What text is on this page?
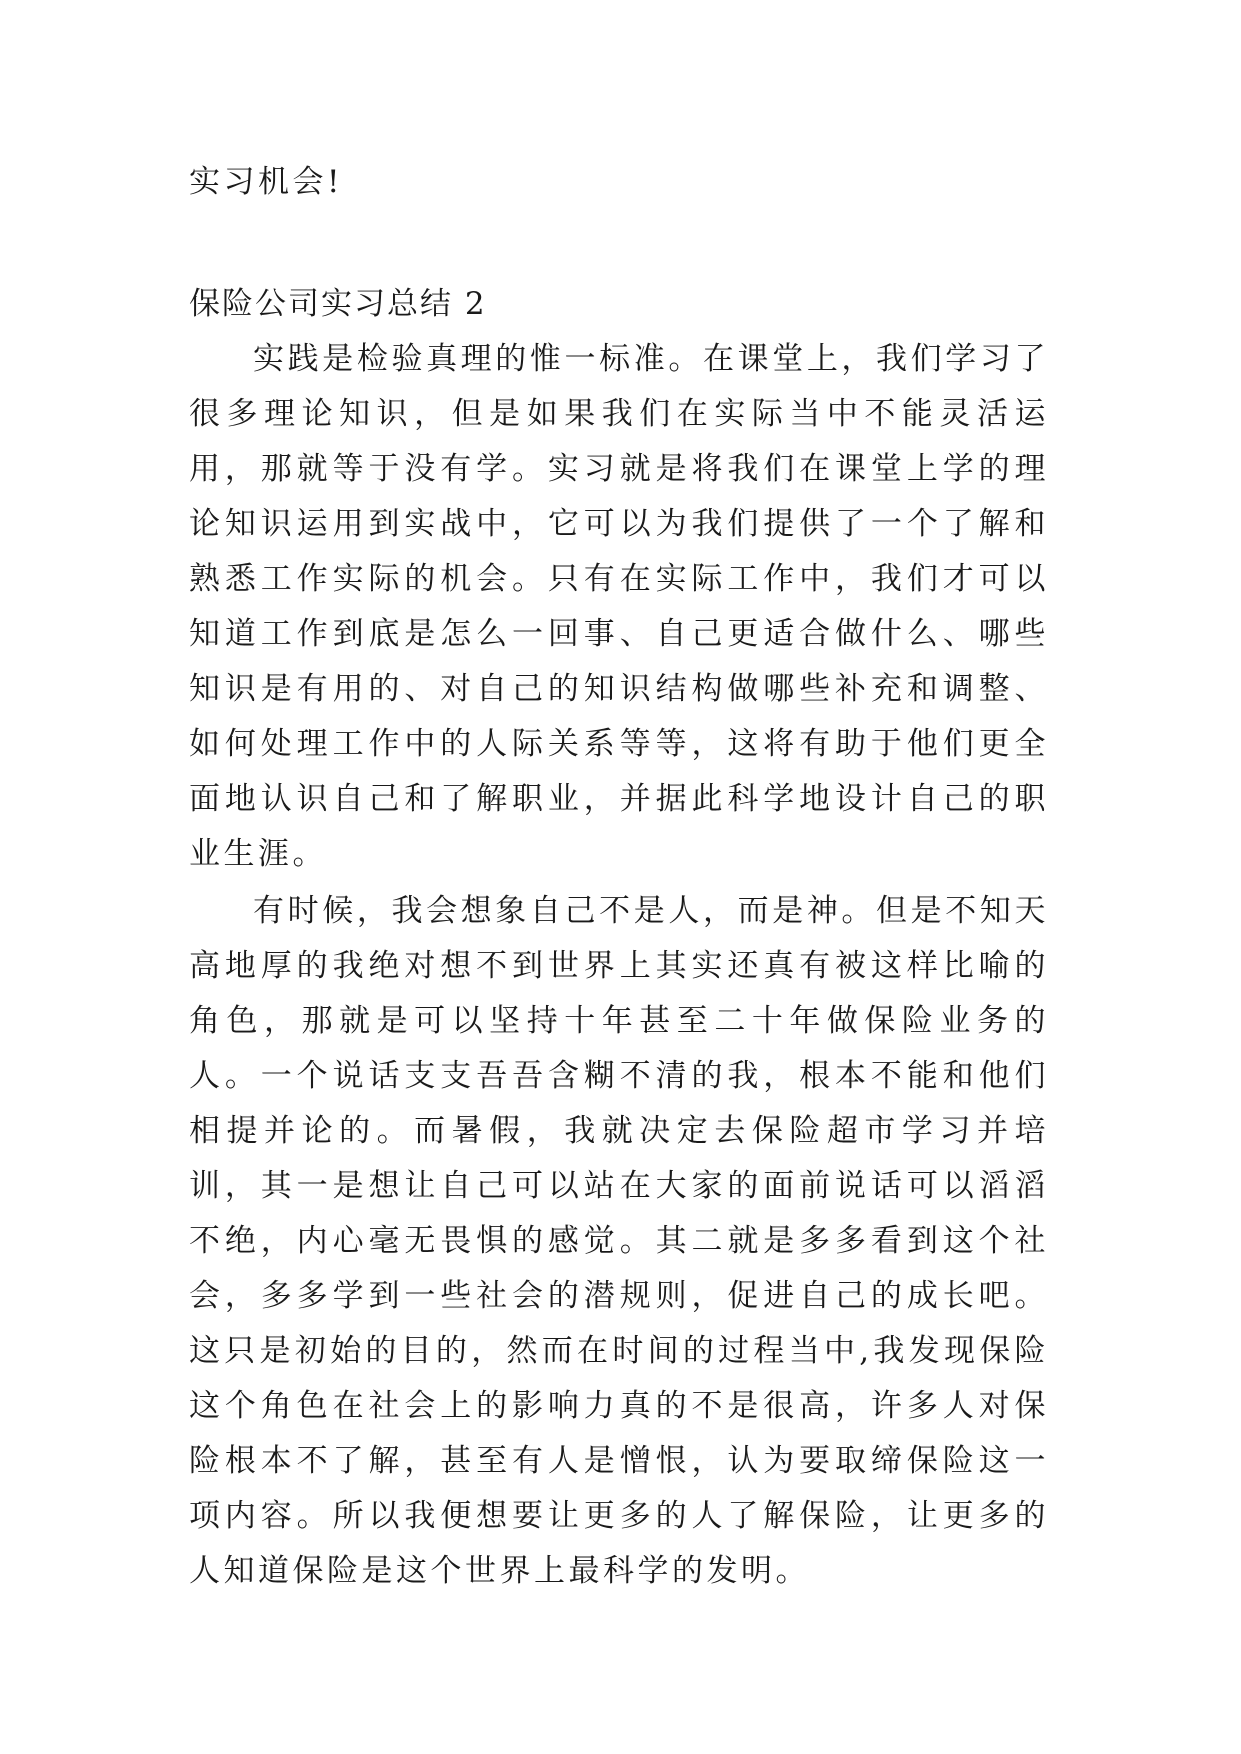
实习机会!

保险公司实习总结 2

实践是检验真理的惟一标准。在课堂上，我们学习了很多理论知识，但是如果我们在实际当中不能灵活运用，那就等于没有学。实习就是将我们在课堂上学的理论知识运用到实战中，它可以为我们提供了一个了解和熟悉工作实际的机会。只有在实际工作中，我们才可以知道工作到底是怎么一回事、自己更适合做什么、哪些知识是有用的、对自己的知识结构做哪些补充和调整、如何处理工作中的人际关系等等，这将有助于他们更全面地认识自己和了解职业，并据此科学地设计自己的职业生涯。

有时候，我会想象自己不是人，而是神。但是不知天高地厚的我绝对想不到世界上其实还真有被这样比喻的角色，那就是可以坚持十年甚至二十年做保险业务的人。一个说话支支吾吾含糊不清的我，根本不能和他们相提并论的。而暑假，我就决定去保险超市学习并培训，其一是想让自己可以站在大家的面前说话可以滔滔不绝，内心毫无畏惧的感觉。其二就是多多看到这个社会，多多学到一些社会的潜规则，促进自己的成长吧。这只是初始的目的，然而在时间的过程当中,我发现保险这个角色在社会上的影响力真的不是很高，许多人对保险根本不了解，甚至有人是憎恨，认为要取缔保险这一项内容。所以我便想要让更多的人了解保险，让更多的人知道保险是这个世界上最科学的发明。
